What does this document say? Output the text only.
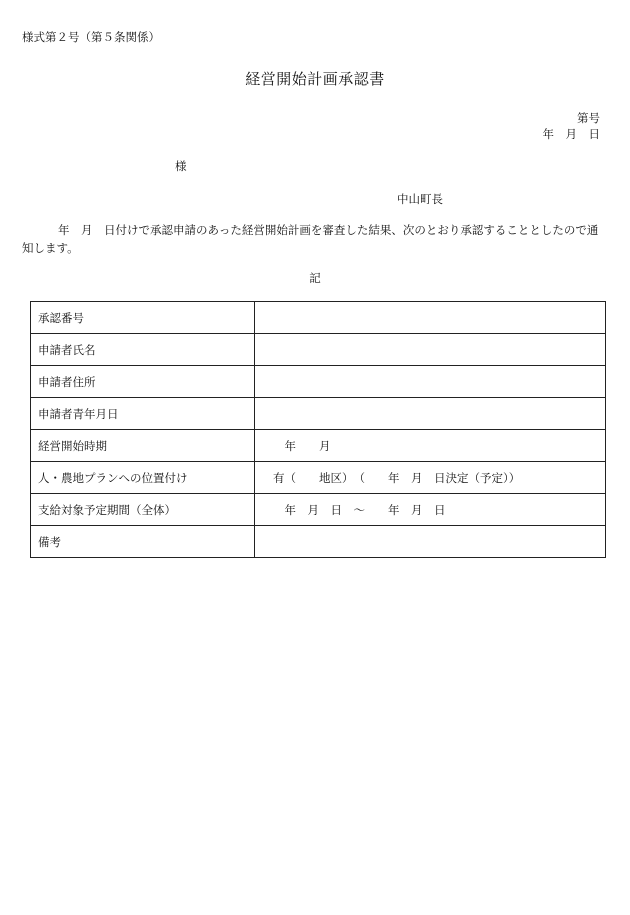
様式第２号（第５条関係）
経営開始計画承認書
第号
年　月　日
様
中山町長
年　月　日付けで承認申請のあった経営開始計画を審査した結果、次のとおり承認することとしたので通知します。
記
承認番号	
申請者氏名	
申請者住所	
申請者青年月日	
経営開始時期	　年　　月
人・農地プランへの位置付け	有（　　地区）　（　　年　月　日決定（予定））
支給対象予定期間（全体）	　年　月　日　～　　年　月　日
備考	
